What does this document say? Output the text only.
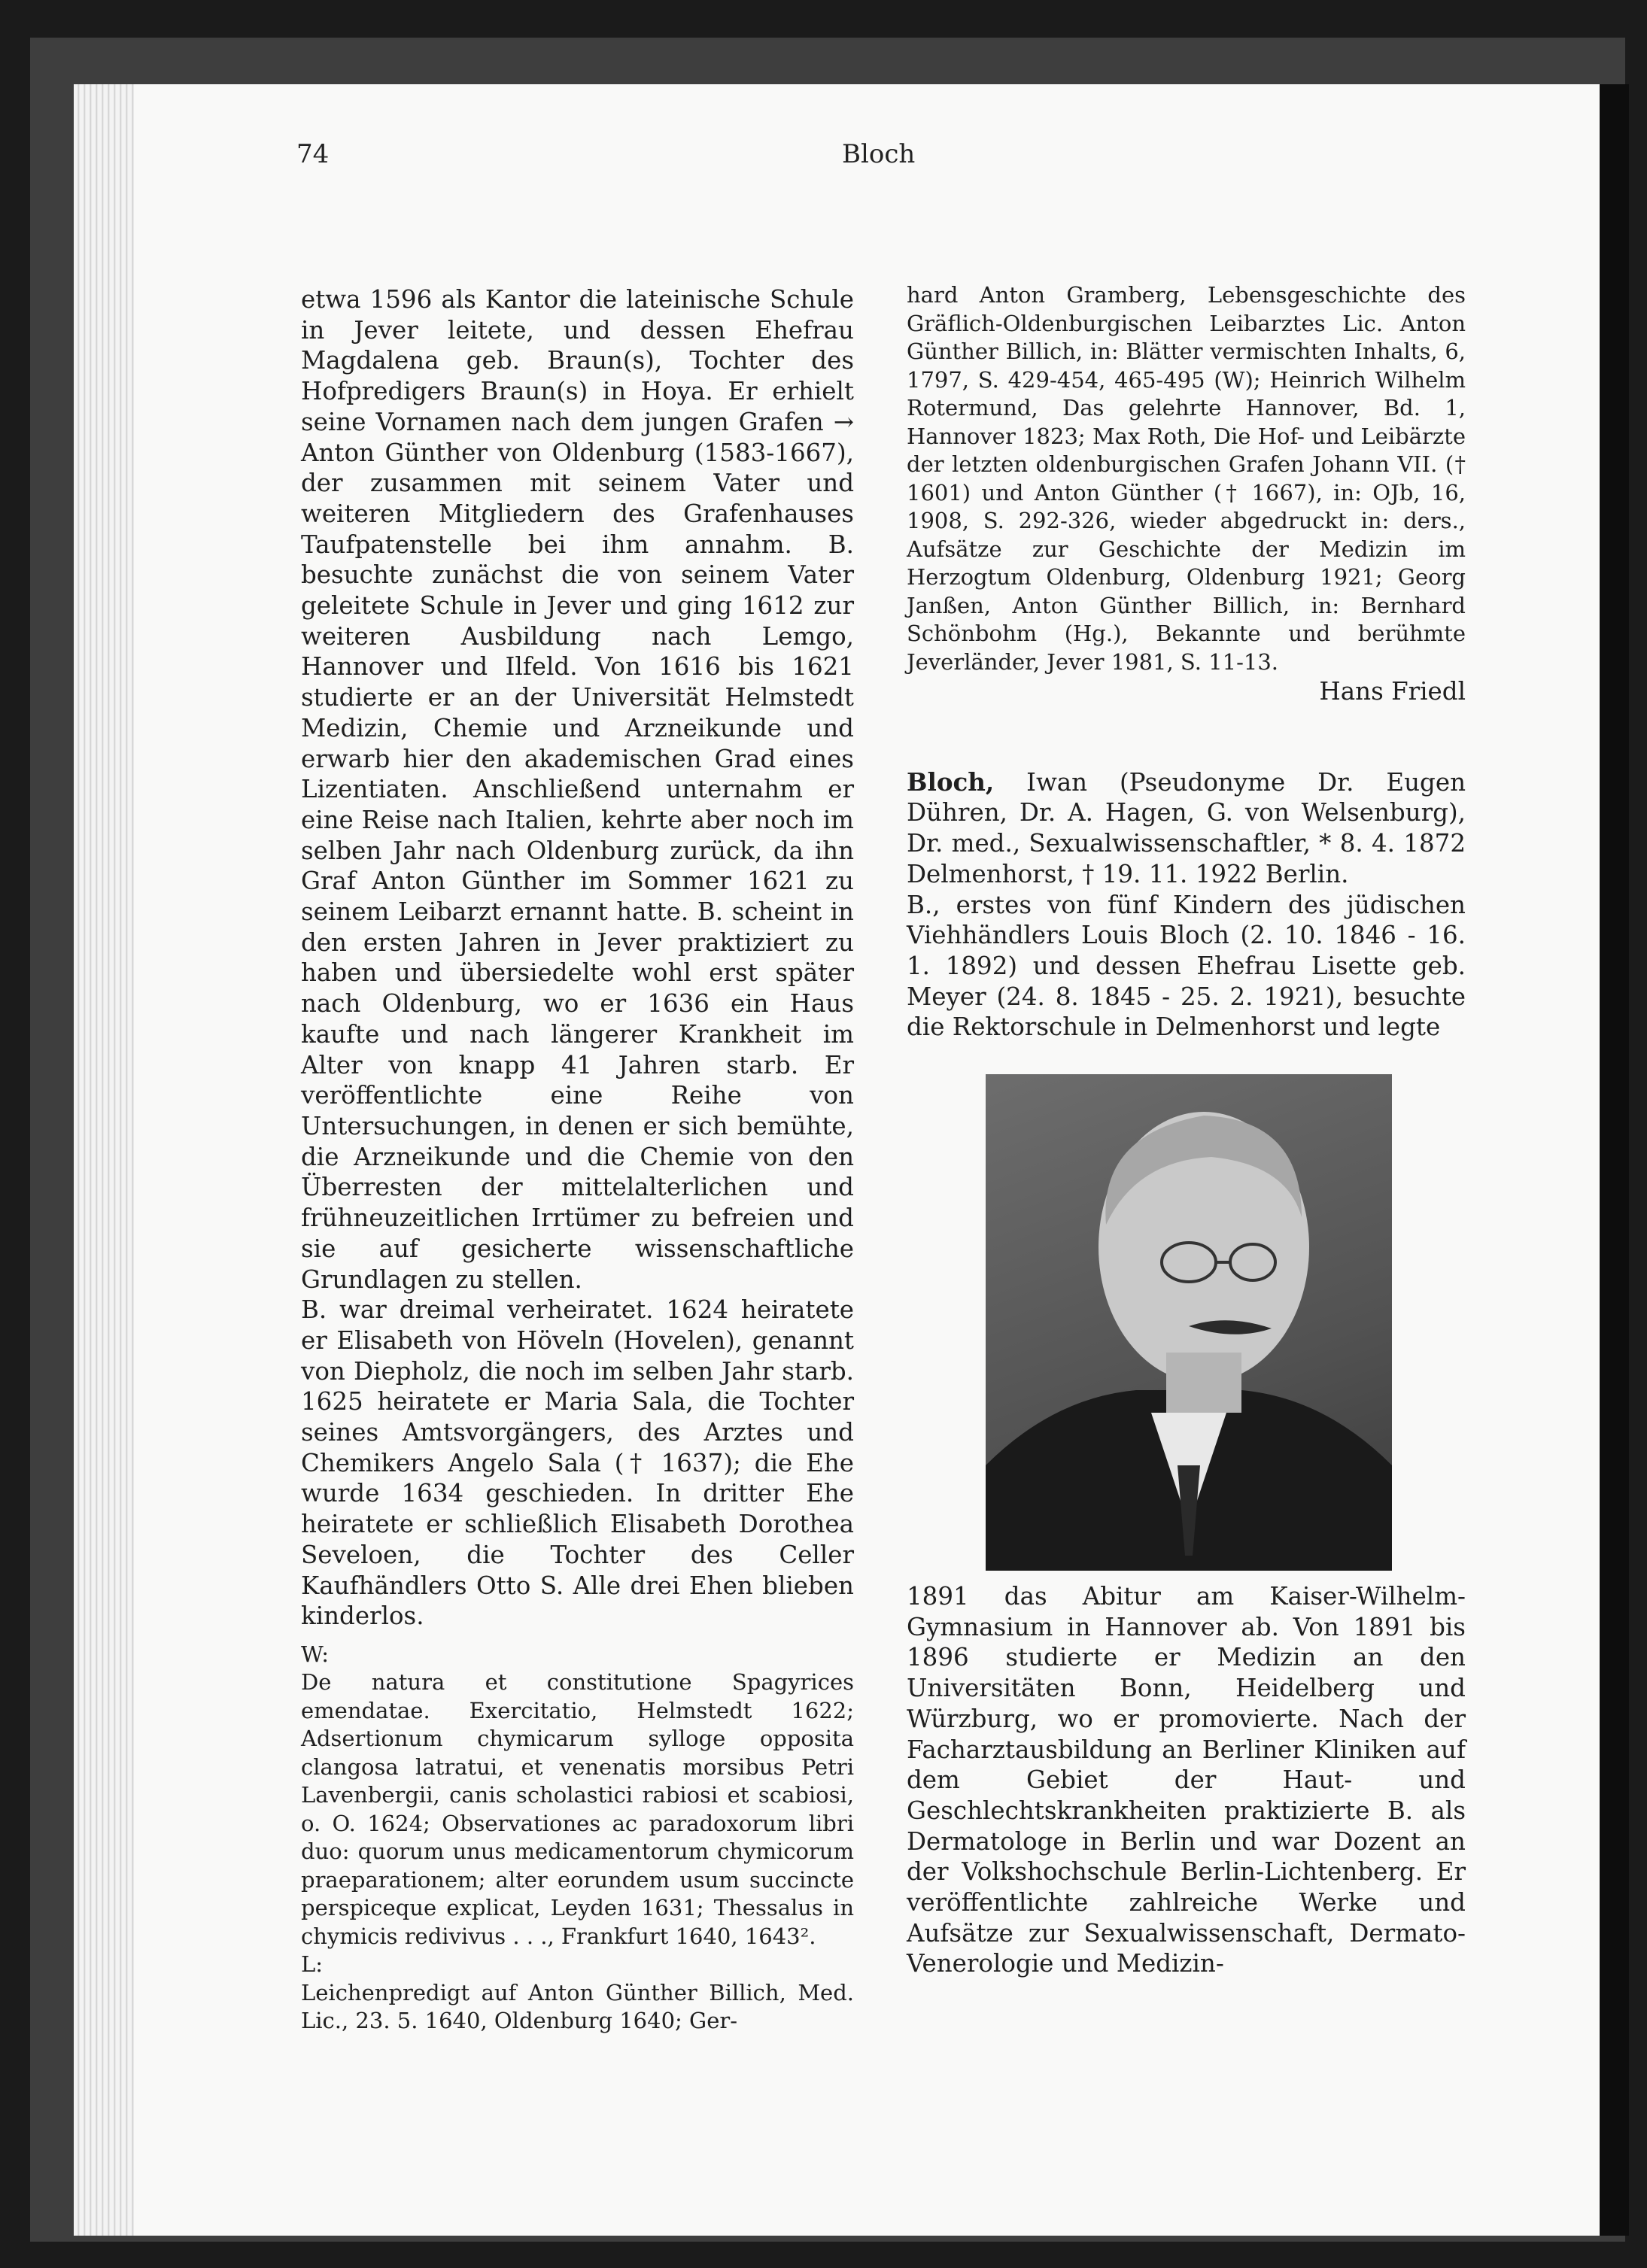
74	Bloch

etwa 1596 als Kantor die lateinische Schule in Jever leitete, und dessen Ehefrau Magdalena geb. Braun(s), Tochter des Hofpredigers Braun(s) in Hoya. Er erhielt seine Vornamen nach dem jungen Grafen → Anton Günther von Oldenburg (1583-1667), der zusammen mit seinem Vater und weiteren Mitgliedern des Grafenhauses Taufpatenstelle bei ihm annahm. B. besuchte zunächst die von seinem Vater geleitete Schule in Jever und ging 1612 zur weiteren Ausbildung nach Lemgo, Hannover und Ilfeld. Von 1616 bis 1621 studierte er an der Universität Helmstedt Medizin, Chemie und Arzneikunde und erwarb hier den akademischen Grad eines Lizentiaten. Anschließend unternahm er eine Reise nach Italien, kehrte aber noch im selben Jahr nach Oldenburg zurück, da ihn Graf Anton Günther im Sommer 1621 zu seinem Leibarzt ernannt hatte. B. scheint in den ersten Jahren in Jever praktiziert zu haben und übersiedelte wohl erst später nach Oldenburg, wo er 1636 ein Haus kaufte und nach längerer Krankheit im Alter von knapp 41 Jahren starb. Er veröffentlichte eine Reihe von Untersuchungen, in denen er sich bemühte, die Arzneikunde und die Chemie von den Überresten der mittelalterlichen und frühneuzeitlichen Irrtümer zu befreien und sie auf gesicherte wissenschaftliche Grundlagen zu stellen.

B. war dreimal verheiratet. 1624 heiratete er Elisabeth von Höveln (Hovelen), genannt von Diepholz, die noch im selben Jahr starb. 1625 heiratete er Maria Sala, die Tochter seines Amtsvorgängers, des Arztes und Chemikers Angelo Sala († 1637); die Ehe wurde 1634 geschieden. In dritter Ehe heiratete er schließlich Elisabeth Dorothea Seveloen, die Tochter des Celler Kaufhändlers Otto S. Alle drei Ehen blieben kinderlos.

W:

De natura et constitutione Spagyrices emendatae. Exercitatio, Helmstedt 1622; Adsertionum chymicarum sylloge opposita clangosa latratui, et venenatis morsibus Petri Lavenbergii, canis scholastici rabiosi et scabiosi, o. O. 1624; Observationes ac paradoxorum libri duo: quorum unus medicamentorum chymicorum praeparationem; alter eorundem usum succincte perspiceque explicat, Leyden 1631; Thessalus in chymicis redivivus . . ., Frankfurt 1640, 1643².

L:

Leichenpredigt auf Anton Günther Billich, Med. Lic., 23. 5. 1640, Oldenburg 1640; Ger-

hard Anton Gramberg, Lebensgeschichte des Gräflich-Oldenburgischen Leibarztes Lic. Anton Günther Billich, in: Blätter vermischten Inhalts, 6, 1797, S. 429-454, 465-495 (W); Heinrich Wilhelm Rotermund, Das gelehrte Hannover, Bd. 1, Hannover 1823; Max Roth, Die Hof- und Leibärzte der letzten oldenburgischen Grafen Johann VII. († 1601) und Anton Günther († 1667), in: OJb, 16, 1908, S. 292-326, wieder abgedruckt in: ders., Aufsätze zur Geschichte der Medizin im Herzogtum Oldenburg, Oldenburg 1921; Georg Janßen, Anton Günther Billich, in: Bernhard Schönbohm (Hg.), Bekannte und berühmte Jeverländer, Jever 1981, S. 11-13.

Hans Friedl

Bloch, Iwan (Pseudonyme Dr. Eugen Dühren, Dr. A. Hagen, G. von Welsenburg), Dr. med., Sexualwissenschaftler, * 8. 4. 1872 Delmenhorst, † 19. 11. 1922 Berlin.

B., erstes von fünf Kindern des jüdischen Viehhändlers Louis Bloch (2. 10. 1846 - 16. 1. 1892) und dessen Ehefrau Lisette geb. Meyer (24. 8. 1845 - 25. 2. 1921), besuchte die Rektorschule in Delmenhorst und legte

1891 das Abitur am Kaiser-Wilhelm-Gymnasium in Hannover ab. Von 1891 bis 1896 studierte er Medizin an den Universitäten Bonn, Heidelberg und Würzburg, wo er promovierte. Nach der Facharztausbildung an Berliner Kliniken auf dem Gebiet der Haut- und Geschlechtskrankheiten praktizierte B. als Dermatologe in Berlin und war Dozent an der Volkshochschule Berlin-Lichtenberg. Er veröffentlichte zahlreiche Werke und Aufsätze zur Sexualwissenschaft, Dermato-Venerologie und Medizin-
